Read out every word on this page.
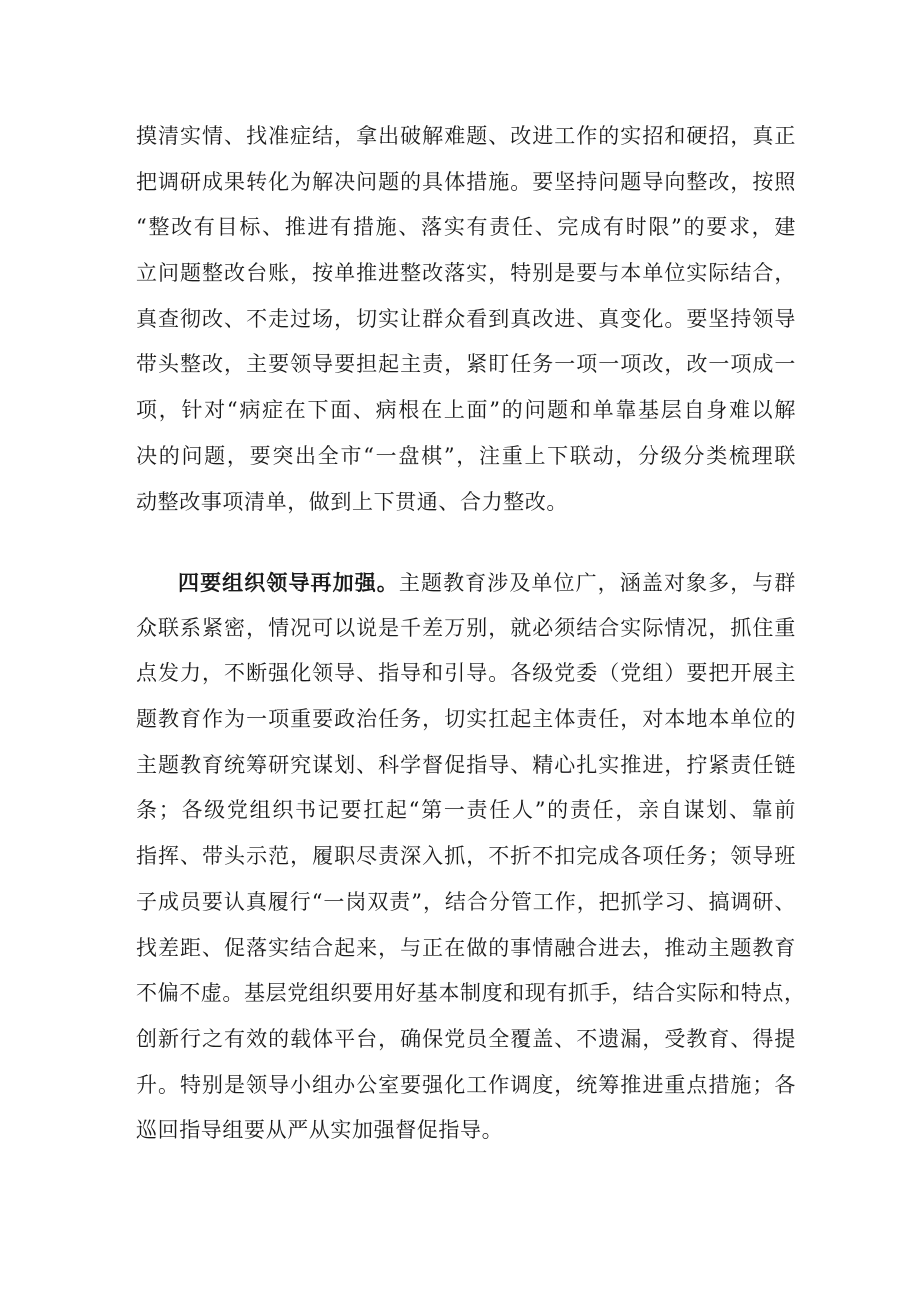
摸清实情、找准症结，拿出破解难题、改进工作的实招和硬招，真正
把调研成果转化为解决问题的具体措施。要坚持问题导向整改，按照
“整改有目标、推进有措施、落实有责任、完成有时限”的要求，建
立问题整改台账，按单推进整改落实，特别是要与本单位实际结合，
真查彻改、不走过场，切实让群众看到真改进、真变化。要坚持领导
带头整改，主要领导要担起主责，紧盯任务一项一项改，改一项成一
项，针对“病症在下面、病根在上面”的问题和单靠基层自身难以解
决的问题，要突出全市“一盘棋”，注重上下联动，分级分类梳理联
动整改事项清单，做到上下贯通、合力整改。
四要组织领导再加强。主题教育涉及单位广，涵盖对象多，与群
众联系紧密，情况可以说是千差万别，就必须结合实际情况，抓住重
点发力，不断强化领导、指导和引导。各级党委（党组）要把开展主
题教育作为一项重要政治任务，切实扛起主体责任，对本地本单位的
主题教育统筹研究谋划、科学督促指导、精心扎实推进，拧紧责任链
条；各级党组织书记要扛起“第一责任人”的责任，亲自谋划、靠前
指挥、带头示范，履职尽责深入抓，不折不扣完成各项任务；领导班
子成员要认真履行“一岗双责”，结合分管工作，把抓学习、搞调研、
找差距、促落实结合起来，与正在做的事情融合进去，推动主题教育
不偏不虚。基层党组织要用好基本制度和现有抓手，结合实际和特点，
创新行之有效的载体平台，确保党员全覆盖、不遗漏，受教育、得提
升。特别是领导小组办公室要强化工作调度，统筹推进重点措施；各
巡回指导组要从严从实加强督促指导。
